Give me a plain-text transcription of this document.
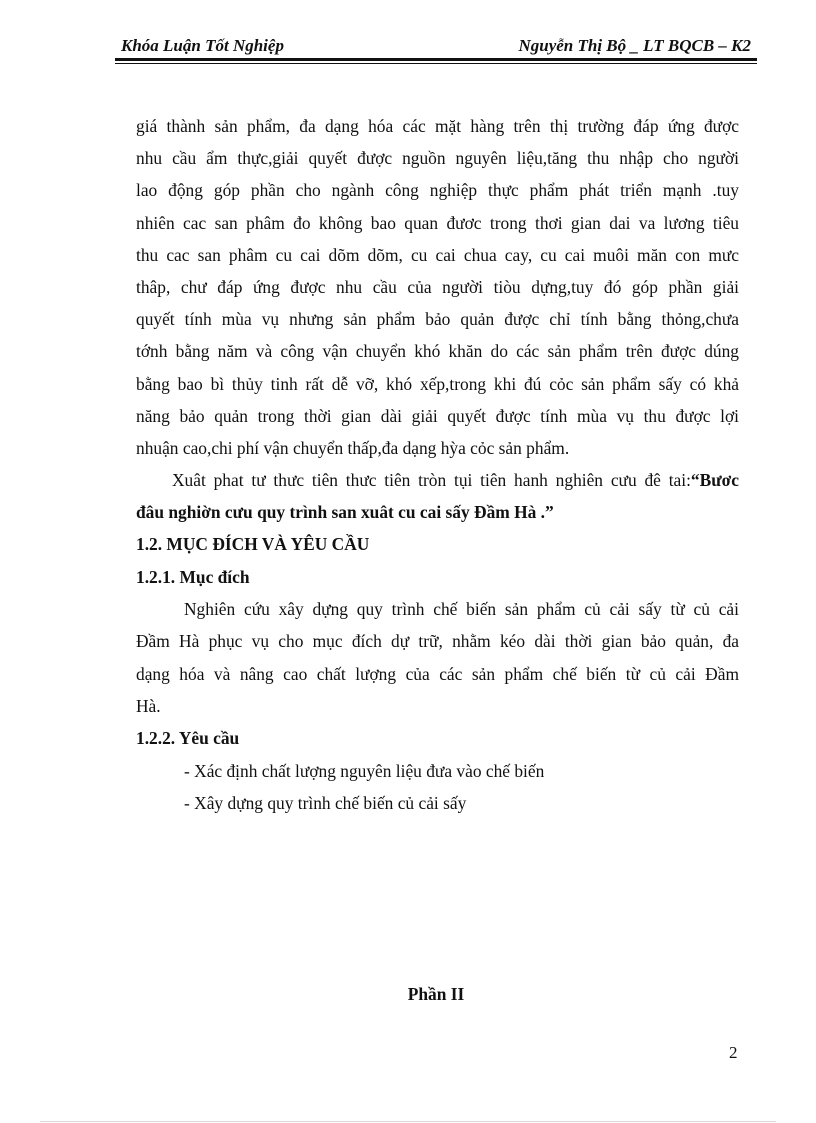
Khóa Luận Tốt Nghiệp	Nguyễn Thị Bộ _ LT BQCB – K2
giá thành sản phẩm, đa dạng hóa các mặt hàng trên thị trường đáp ứng được
nhu cầu ẩm thực,giải quyết được nguồn nguyên liệu,tăng thu nhập cho người
lao động góp phần cho ngành công nghiệp thực phẩm phát triển mạnh .tuy
nhiên cac san phâm đo không bao quan đươc trong thơi gian dai va lương tiêu
thu cac san phâm cu cai dõm dõm, cu cai chua cay, cu cai muôi măn con mưc
thâp, chư đáp ứng được nhu cầu của người tiòu dựng,tuy đó góp phần giải
quyết tính mùa vụ nhưng sản phẩm bảo quản được chỉ tính bằng thỏng,chưa
tớnh bằng năm và công vận chuyển khó khăn do các sản phẩm trên được dúng
bằng bao bì thủy tinh rất dễ vỡ, khó xếp,trong khi đú cỏc sản phẩm sấy có khả
năng bảo quản trong thời gian dài giải quyết được tính mùa vụ thu được lợi
nhuận cao,chi phí vận chuyển thấp,đa dạng hỳa cỏc sản phẩm.
Xuât phat tư thưc tiên thưc tiên tròn tụi tiên hanh nghiên cưu đê tai:“Bươc
đâu nghiờn cưu quy trình san xuât cu cai sấy Đầm Hà .”
1.2. MỤC ĐÍCH VÀ YÊU CẦU
1.2.1. Mục đích
Nghiên cứu xây dựng quy trình chế biến sản phẩm củ cải sấy từ củ cải
Đầm Hà phục vụ cho mục đích dự trữ, nhằm kéo dài thời gian bảo quản, đa
dạng hóa và nâng cao chất lượng của các sản phẩm chế biến từ củ cải Đầm
Hà.
1.2.2. Yêu cầu
- Xác định chất lượng nguyên liệu đưa vào chế biến
- Xây dựng quy trình chế biến củ cải sấy
Phần II
2
